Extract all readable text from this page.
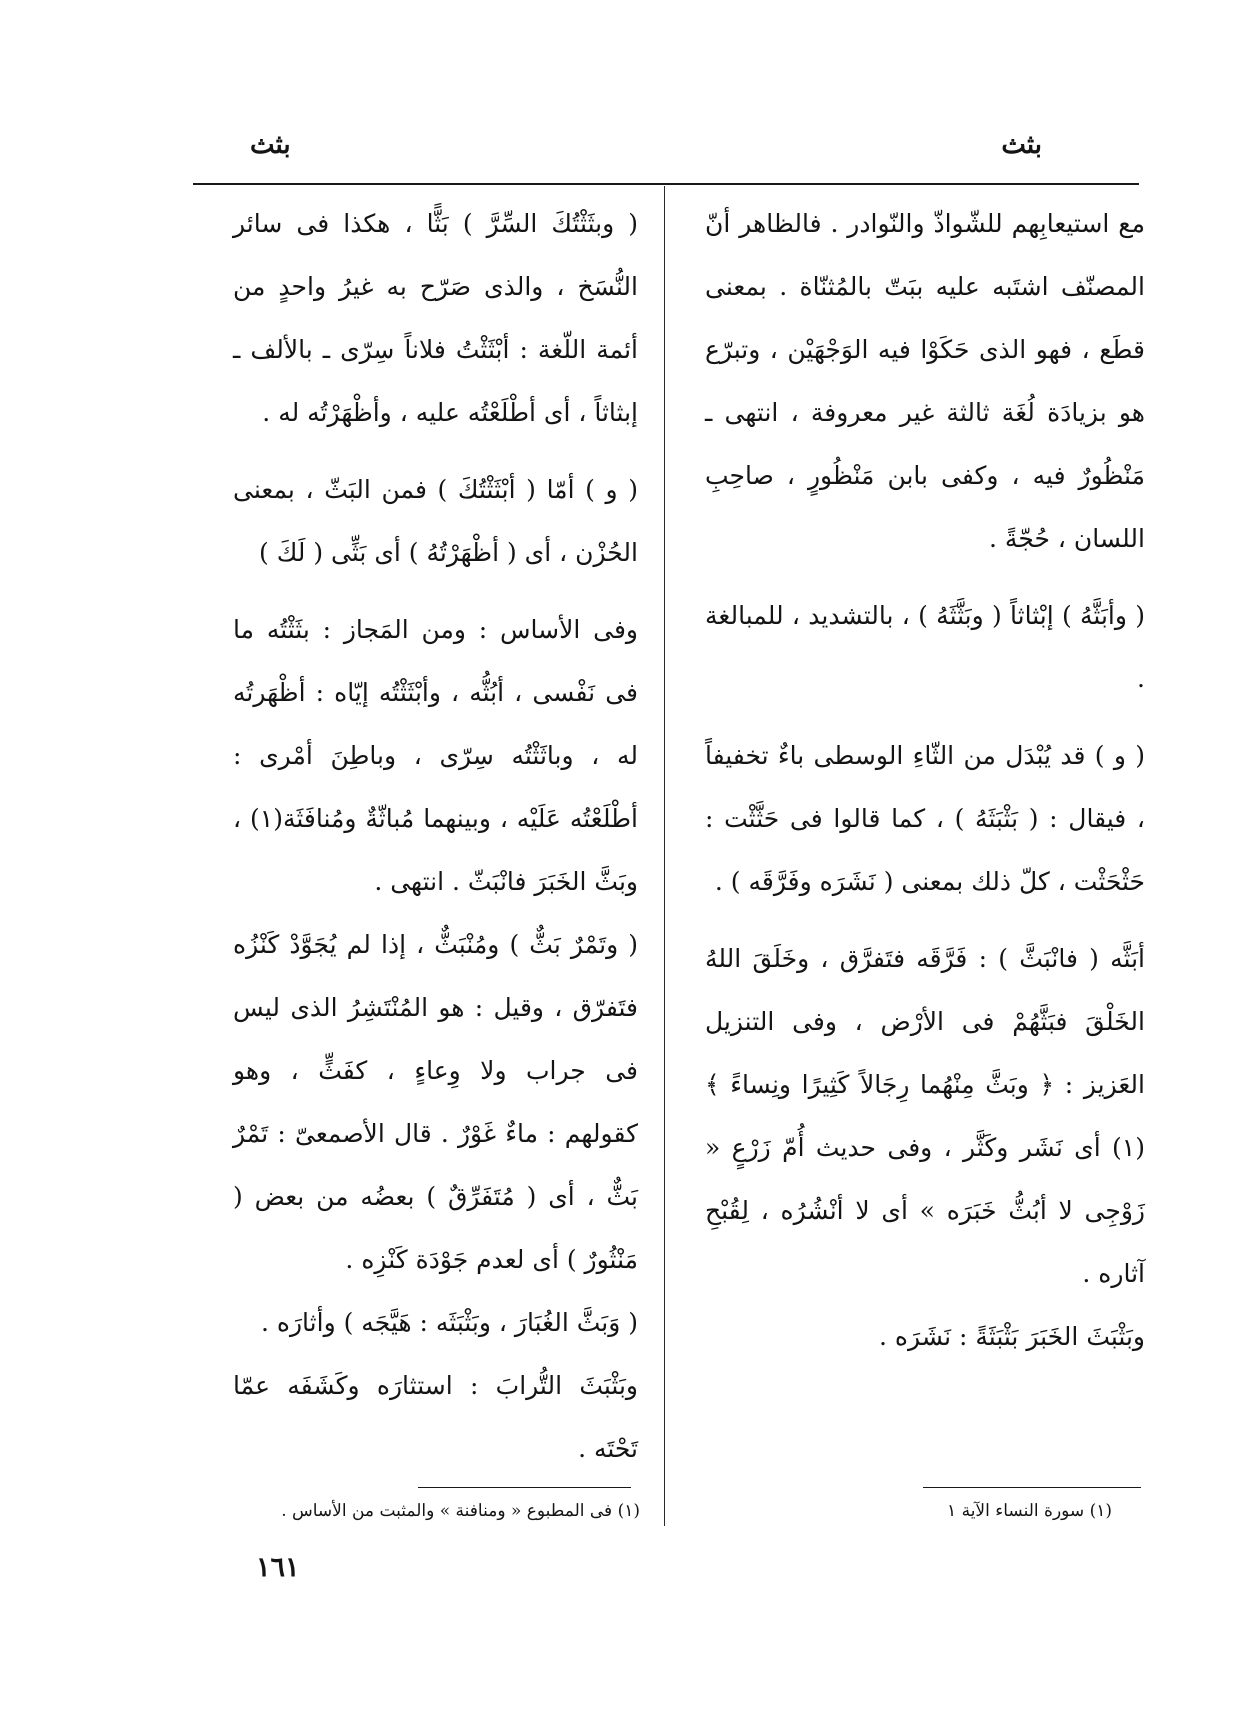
بثث
بثث

مع استيعابِهم للشّواذّ والنّوادر . فالظاهر أنّ المصنّف اشتَبه عليه ببَتّ بالمُثنّاة . بمعنى قطَع ، فهو الذى حَكَوْا فيه الوَجْهَيْن ، وتبرّع هو بزيادَة لُغَة ثالثة غير معروفة ، انتهى ـ مَنْظُورٌ فيه ، وكفى بابن مَنْظُورٍ ، صاحِبِ اللسان ، حُجّةً .

( وأبَثَّهُ ) إبْثاثاً ( وبَثَّثَهُ ) ، بالتشديد ، للمبالغة .

( و ) قد يُبْدَل من الثّاءِ الوسطى باءٌ تخفيفاً ، فيقال : ( بَثْبَثَهُ ) ، كما قالوا فى حَثَّثْت : حَثْحَثْت ، كلّ ذلك بمعنى ( نَشَرَه وفَرَّقَه ) .

أبَثَّه ( فانْبَثَّ ) : فَرَّقَه فتَفرَّق ، وخَلَقَ اللهُ الخَلْقَ فبَثَّهُمْ فى الأرْض ، وفى التنزيل العَزيز : ﴿ وبَثَّ مِنْهُما رِجَالاً كَثِيرًا ونِساءً ﴾ (١) أى نَشَر وكَثَّر ، وفى حديث أُمّ زَرْعٍ « زَوْجِى لا أبُثُّ خَبَرَه » أى لا أنْشُرُه ، لِقُبْحِ آثاره .

وبَثْبَثَ الخَبَرَ بَثْبَثَةً : نَشَرَه .

( وبثَثْتُكَ السِّرَّ ) بَثًّا ، هكذا فى سائر النُّسَخ ، والذى صَرّح به غيرُ واحدٍ من أئمة اللّغة : أبْثَثْتُ فلاناً سِرّى ـ بالألف ـ إبثاثاً ، أى أطْلَعْتُه عليه ، وأظْهَرْتُه له .

( و ) أمّا ( أبْثَثْتُكَ ) فمن البَثّ ، بمعنى الحُزْن ، أى ( أظْهَرْتُهُ ) أى بَثِّى ( لَكَ )

وفى الأساس : ومن المَجاز : بثَثْتُه ما فى نَفْسى ، أبُثُّه ، وأبْثَثْتُه إيّاه : أظْهَرتُه له ، وباثَثْتُه سِرّى ، وباطِنَ أمْرى : أطْلَعْتُه عَلَيْه ، وبينهما مُباثّةٌ ومُنافَثَة(١) ، وبَثَّ الخَبَرَ فانْبَثّ . انتهى .

( وتَمْرٌ بَثٌّ ) ومُنْبَثٌّ ، إذا لم يُجَوَّدْ كَنْزُه فتَفرّق ، وقيل : هو المُنْتَشِرُ الذى ليس فى جراب ولا وِعاءٍ ، كفَثٍّ ، وهو كقولهم : ماءٌ غَوْرٌ . قال الأصمعىّ : تَمْرٌ بَثٌّ ، أى ( مُتَفَرِّقٌ ) بعضُه من بعض ( مَنْثُورٌ ) أى لعدم جَوْدَة كَنْزِه .

( وَبَثَّ الغُبَارَ ، وبَثْبَثَه : هَيَّجَه ) وأثارَه .

وبَثْبَثَ التُّرابَ : استثارَه وكَشَفَه عمّا تَحْتَه .

(١) سورة النساء الآية ١
(١) فى المطبوع « ومنافنة » والمثبت من الأساس .
١٦١
